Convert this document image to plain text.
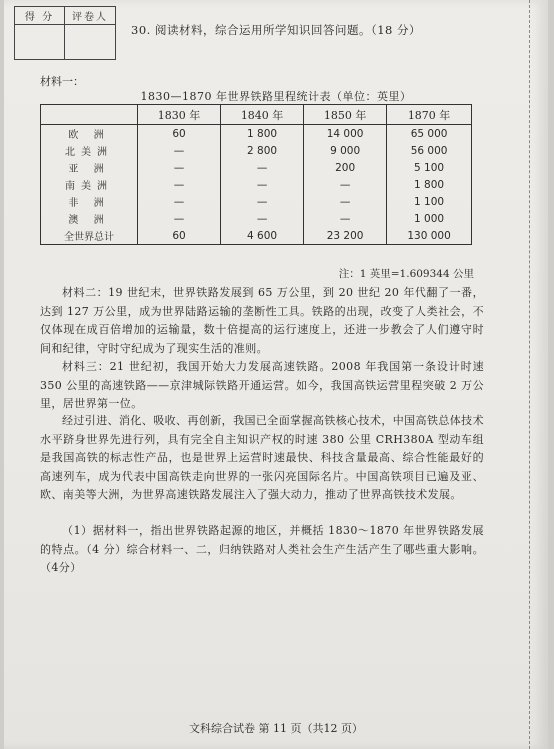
得 分	评卷人
30. 阅读材料，综合运用所学知识回答问题。（18 分）
材料一：
1830—1870 年世界铁路里程统计表（单位：英里）
	1830 年	1840 年	1850 年	1870 年
欧 洲	60	1 800	14 000	65 000
北美洲	—	2 800	9 000	56 000
亚 洲	—	—	200	5 100
南美洲	—	—	—	1 800
非 洲	—	—	—	1 100
澳 洲	—	—	—	1 000
全世界总计	60	4 600	23 200	130 000
注：1 英里=1.609344 公里
材料二：19 世纪末，世界铁路发展到 65 万公里，到 20 世纪 20 年代翻了一番，达到 127 万公里，成为世界陆路运输的垄断性工具。铁路的出现，改变了人类社会，不仅体现在成百倍增加的运输量，数十倍提高的运行速度上，还进一步教会了人们遵守时间和纪律，守时守纪成为了现实生活的准则。
材料三：21 世纪初，我国开始大力发展高速铁路。2008 年我国第一条设计时速 350 公里的高速铁路——京津城际铁路开通运营。如今，我国高铁运营里程突破 2 万公里，居世界第一位。
经过引进、消化、吸收、再创新，我国已全面掌握高铁核心技术，中国高铁总体技术水平跻身世界先进行列，具有完全自主知识产权的时速 380 公里 CRH380A 型动车组是我国高铁的标志性产品，也是世界上运营时速最快、科技含量最高、综合性能最好的高速列车，成为代表中国高铁走向世界的一张闪亮国际名片。中国高铁项目已遍及亚、欧、南美等大洲，为世界高速铁路发展注入了强大动力，推动了世界高铁技术发展。
（1）据材料一，指出世界铁路起源的地区，并概括 1830～1870 年世界铁路发展的特点。（4 分）综合材料一、二，归纳铁路对人类社会生产生活产生了哪些重大影响。（4分）
文科综合试卷 第 11 页（共12 页）
